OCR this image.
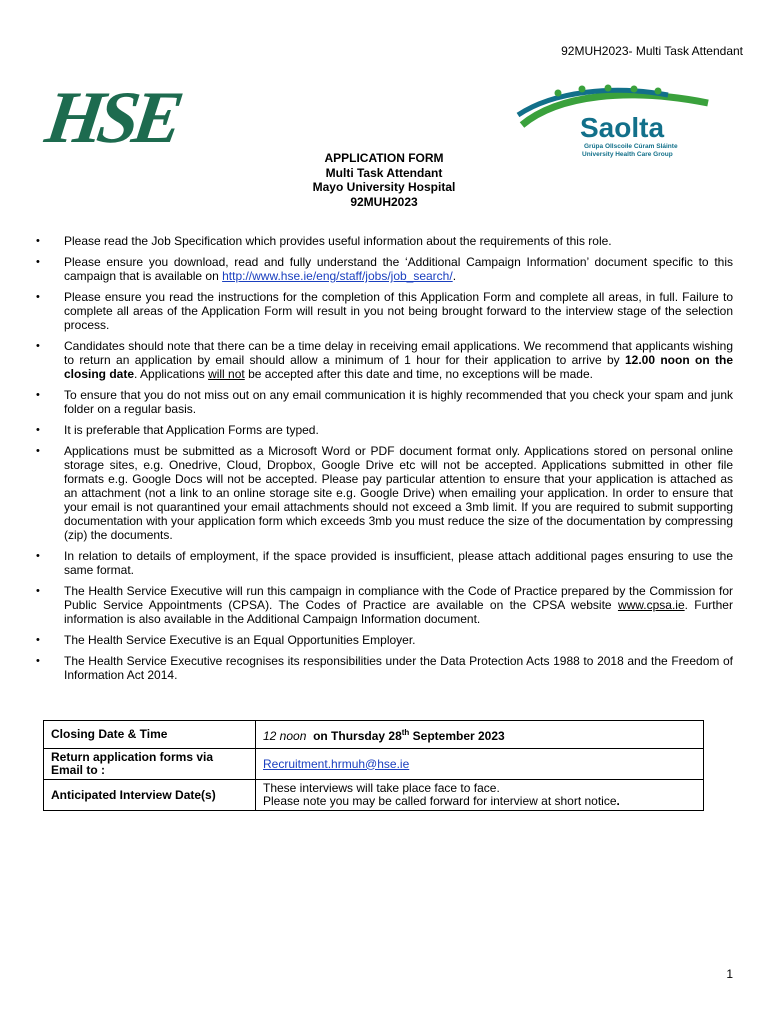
92MUH2023- Multi Task Attendant
HSE	Saolta
Grúpa Ollscoile Cúram Sláinte
University Health Care Group
APPLICATION FORM
Multi Task Attendant
Mayo University Hospital
92MUH2023
• Please read the Job Specification which provides useful information about the requirements of this role.
• Please ensure you download, read and fully understand the ‘Additional Campaign Information’ document specific to this campaign that is available on http://www.hse.ie/eng/staff/jobs/job_search/.
• Please ensure you read the instructions for the completion of this Application Form and complete all areas, in full. Failure to complete all areas of the Application Form will result in you not being brought forward to the interview stage of the selection process.
• Candidates should note that there can be a time delay in receiving email applications. We recommend that applicants wishing to return an application by email should allow a minimum of 1 hour for their application to arrive by 12.00 noon on the closing date. Applications will not be accepted after this date and time, no exceptions will be made.
• To ensure that you do not miss out on any email communication it is highly recommended that you check your spam and junk folder on a regular basis.
• It is preferable that Application Forms are typed.
• Applications must be submitted as a Microsoft Word or PDF document format only. Applications stored on personal online storage sites, e.g. Onedrive, Cloud, Dropbox, Google Drive etc will not be accepted. Applications submitted in other file formats e.g. Google Docs will not be accepted. Please pay particular attention to ensure that your application is attached as an attachment (not a link to an online storage site e.g. Google Drive) when emailing your application. In order to ensure that your email is not quarantined your email attachments should not exceed a 3mb limit. If you are required to submit supporting documentation with your application form which exceeds 3mb you must reduce the size of the documentation by compressing (zip) the documents.
• In relation to details of employment, if the space provided is insufficient, please attach additional pages ensuring to use the same format.
• The Health Service Executive will run this campaign in compliance with the Code of Practice prepared by the Commission for Public Service Appointments (CPSA). The Codes of Practice are available on the CPSA website www.cpsa.ie. Further information is also available in the Additional Campaign Information document.
• The Health Service Executive is an Equal Opportunities Employer.
• The Health Service Executive recognises its responsibilities under the Data Protection Acts 1988 to 2018 and the Freedom of Information Act 2014.
Closing Date & Time	12 noon on Thursday 28th September 2023
Return application forms via Email to :	Recruitment.hrmuh@hse.ie
Anticipated Interview Date(s)	These interviews will take place face to face.
Please note you may be called forward for interview at short notice.
1
